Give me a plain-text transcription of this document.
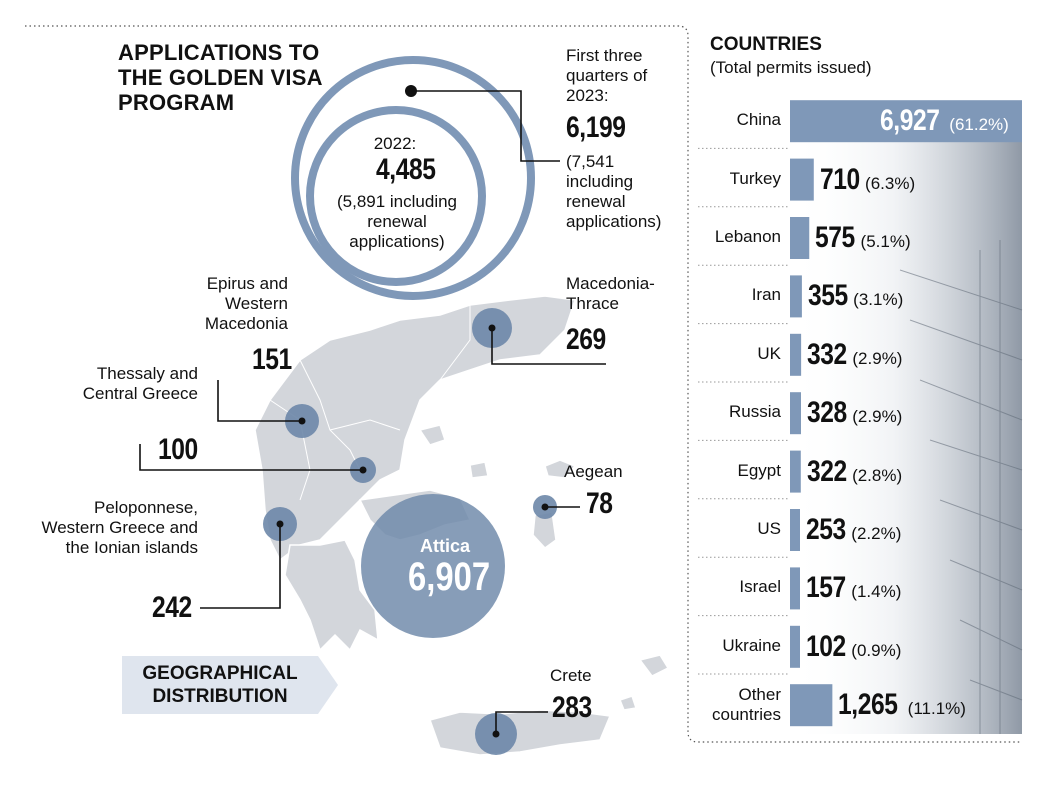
APPLICATIONS TO THE GOLDEN VISA PROGRAM
2022:
4,485
(5,891 including renewal applications)
First three quarters of 2023:
6,199
(7,541 including renewal applications)
Epirus and Western Macedonia
151
Thessaly and Central Greece
100
Peloponnese, Western Greece and the Ionian islands
242
Macedonia-Thrace
269
Aegean
78
Attica
6,907
Crete
283
GEOGRAPHICAL DISTRIBUTION
COUNTRIES
(Total permits issued)
China	6,927 (61.2%)
Turkey 710 (6.3%)
Lebanon 575 (5.1%)
Iran 355 (3.1%)
UK 332 (2.9%)
Russia 328 (2.9%)
Egypt 322 (2.8%)
US 253 (2.2%)
Israel 157 (1.4%)
Ukraine 102 (0.9%)
Other countries 1,265 (11.1%)
